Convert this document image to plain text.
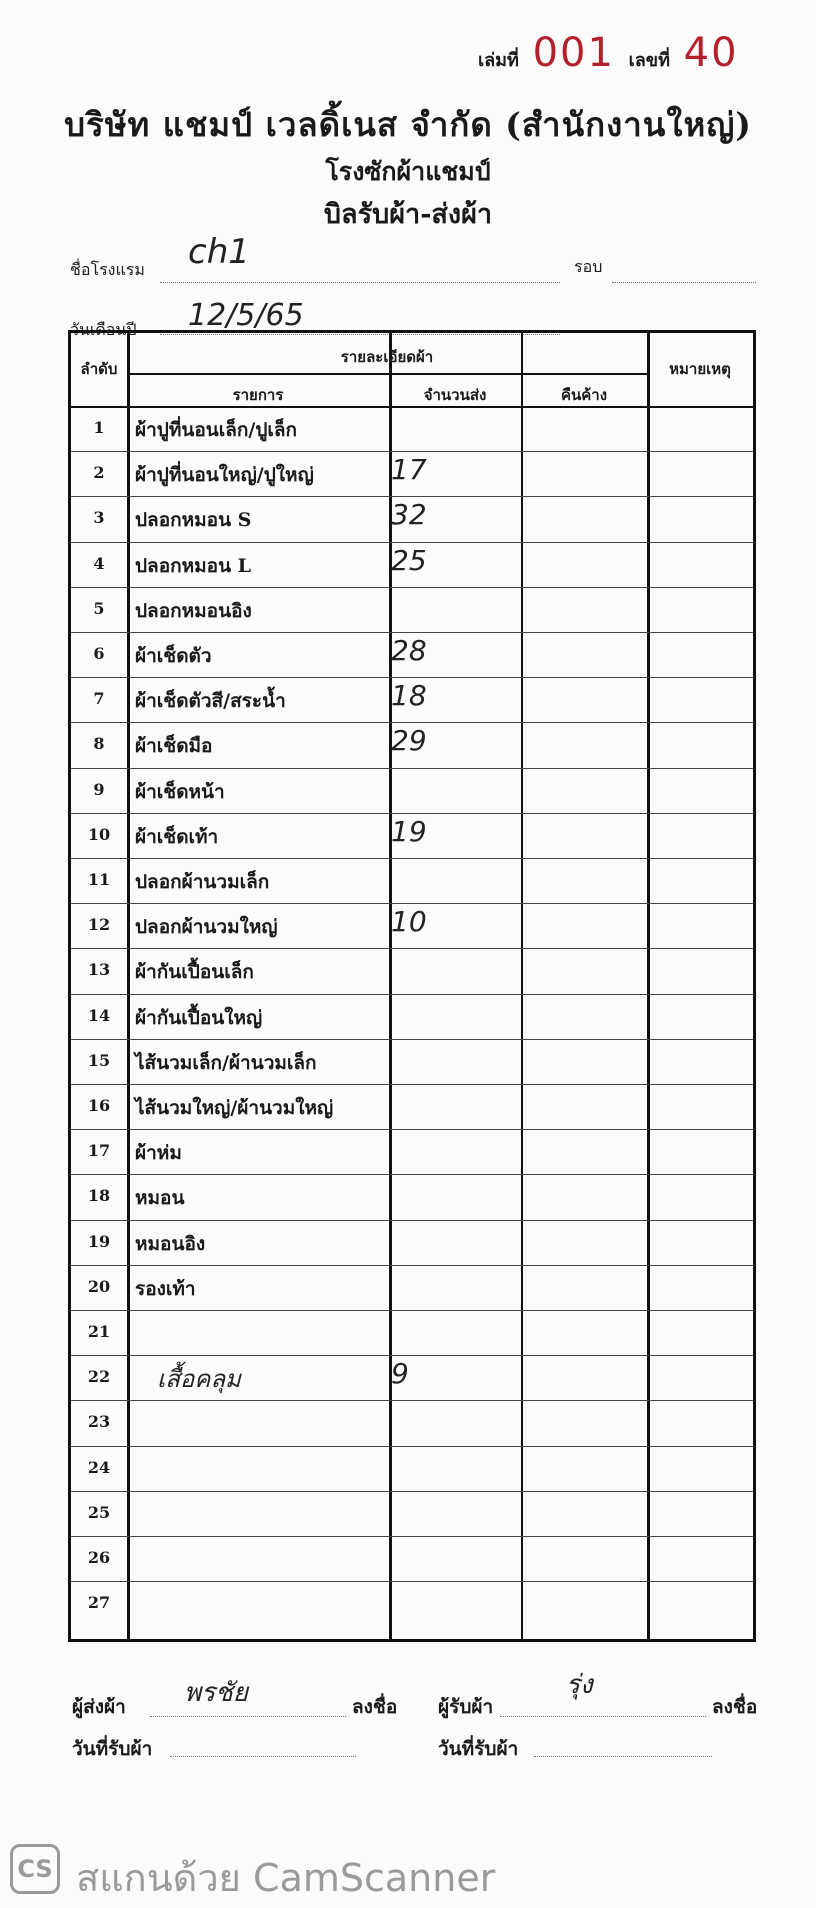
เล่มที่ 001 เลขที่ 40
บริษัท แชมป์ เวลดิ้เนส จำกัด (สำนักงานใหญ่)
โรงซักผ้าแชมป์
บิลรับผ้า-ส่งผ้า
ชื่อโรงแรม ch1	รอบ
วันเดือนปี 12/5/65
ลำดับ
รายละเอียดผ้า
รายการ	จำนวนส่ง	คืนค้าง
หมายเหตุ
1	ผ้าปูที่นอนเล็ก/ปูเล็ก
2	ผ้าปูที่นอนใหญ่/ปูใหญ่	17
3	ปลอกหมอน S	32
4	ปลอกหมอน L	25
5	ปลอกหมอนอิง
6	ผ้าเช็ดตัว	28
7	ผ้าเช็ดตัวสี/สระน้ำ	18
8	ผ้าเช็ดมือ	29
9	ผ้าเช็ดหน้า
10	ผ้าเช็ดเท้า	19
11	ปลอกผ้านวมเล็ก
12	ปลอกผ้านวมใหญ่	10
13	ผ้ากันเปื้อนเล็ก
14	ผ้ากันเปื้อนใหญ่
15	ไส้นวมเล็ก/ผ้านวมเล็ก
16	ไส้นวมใหญ่/ผ้านวมใหญ่
17	ผ้าห่ม
18	หมอน
19	หมอนอิง
20	รองเท้า
21
22	เสื้อคลุม	9
23
24
25
26
27
ผู้ส่งผ้า พรชัย	ลงชื่อ ผู้รับผ้า
รุ่ง
ลงชื่อ
วันที่รับผ้า	วันที่รับผ้า
CS สแกนด้วย CamScanner
